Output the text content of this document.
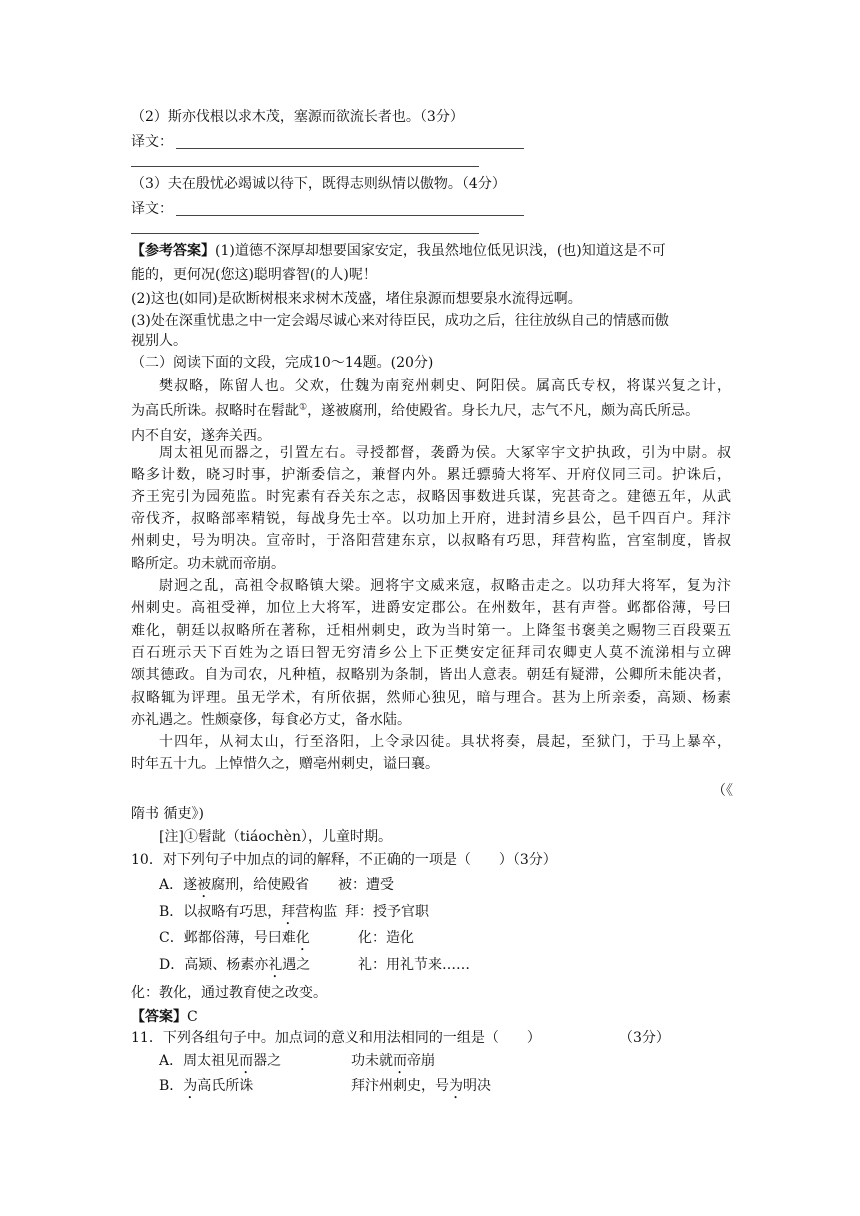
（2）斯亦伐根以求木茂，塞源而欲流长者也。（3分）
译文：
（3）夫在殷忧必竭诚以待下，既得志则纵情以傲物。（4分）
译文：
【参考答案】(1)道德不深厚却想要国家安定，我虽然地位低见识浅，(也)知道这是不可
能的，更何况(您这)聪明睿智(的人)呢！
(2)这也(如同)是砍断树根来求树木茂盛，堵住泉源而想要泉水流得远啊。
(3)处在深重忧患之中一定会竭尽诚心来对待臣民，成功之后，往往放纵自己的情感而傲
视别人。
（二）阅读下面的文段，完成10～14题。(20分)
樊叔略，陈留人也。父欢，仕魏为南兖州刺史、阿阳侯。属高氏专权，将谋兴复之计，
为高氏所诛。叔略时在髫龀①，遂被腐刑，给使殿省。身长九尺，志气不凡，颇为高氏所忌。
内不自安，遂奔关西。
周太祖见而器之，引置左右。寻授都督，袭爵为侯。大冢宰宇文护执政，引为中尉。叔
略多计数，晓习时事，护渐委信之，兼督内外。累迁骠骑大将军、开府仪同三司。护诛后，
齐王宪引为园苑监。时宪素有吞关东之志，叔略因事数进兵谋，宪甚奇之。建德五年，从武
帝伐齐，叔略部率精锐，每战身先士卒。以功加上开府，进封清乡县公，邑千四百户。拜汴
州刺史，号为明决。宣帝时，于洛阳营建东京，以叔略有巧思，拜营构监，宫室制度，皆叔
略所定。功未就而帝崩。
尉迥之乱，高祖令叔略镇大梁。迥将宇文威来寇，叔略击走之。以功拜大将军，复为汴
州刺史。高祖受禅，加位上大将军，进爵安定郡公。在州数年，甚有声誉。邺都俗薄，号曰
难化，朝廷以叔略所在著称，迁相州刺史，政为当时第一。上降玺书褒美之赐物三百段粟五
百石班示天下百姓为之语曰智无穷清乡公上下正樊安定征拜司农卿吏人莫不流涕相与立碑
颂其德政。自为司农，凡种植，叔略别为条制，皆出人意表。朝廷有疑滞，公卿所未能决者，
叔略辄为评理。虽无学术，有所依据，然师心独见，暗与理合。甚为上所亲委，高颎、杨素
亦礼遇之。性颇豪侈，每食必方丈，备水陆。
十四年，从祠太山，行至洛阳，上令录囚徒。具状将奏，晨起，至狱门，于马上暴卒，
时年五十九。上悼惜久之，赠亳州刺史，谥曰襄。
（《
隋书 循吏》)
[注]①髫龀（tiáochèn），儿童时期。
10．对下列句子中加点的词的解释，不正确的一项是（　　）（3分）
A．遂被腐刑，给使殿省 被：遭受
B．以叔略有巧思，拜营构监 拜：授予官职
C．邺都俗薄，号曰难化	化：造化
D．高颎、杨素亦礼遇之	礼：用礼节来……
化：教化，通过教育使之改变。
【答案】C
11．下列各组句子中。加点词的意义和用法相同的一组是（　　）	（3分）
A．周太祖见而器之	功未就而帝崩
B．为高氏所诛	拜汴州刺史，号为明决
